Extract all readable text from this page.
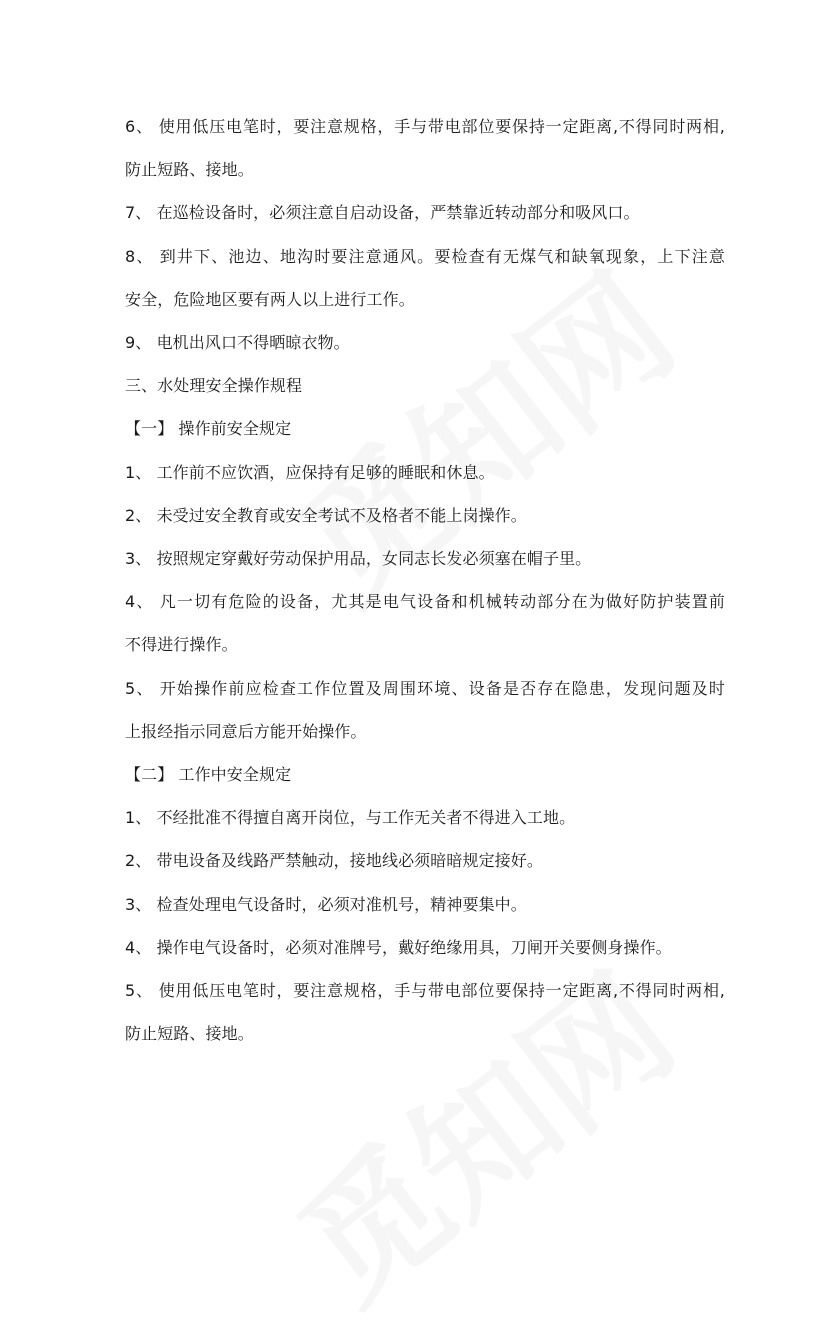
6、 使用低压电笔时，要注意规格，手与带电部位要保持一定距离,不得同时两相,
防止短路、接地。
7、 在巡检设备时，必须注意自启动设备，严禁靠近转动部分和吸风口。
8、 到井下、池边、地沟时要注意通风。要检查有无煤气和缺氧现象，上下注意
安全，危险地区要有两人以上进行工作。
9、 电机出风口不得晒晾衣物。
三、水处理安全操作规程
【一】 操作前安全规定
1、 工作前不应饮酒，应保持有足够的睡眠和休息。
2、 未受过安全教育或安全考试不及格者不能上岗操作。
3、 按照规定穿戴好劳动保护用品，女同志长发必须塞在帽子里。
4、 凡一切有危险的设备，尤其是电气设备和机械转动部分在为做好防护装置前
不得进行操作。
5、 开始操作前应检查工作位置及周围环境、设备是否存在隐患，发现问题及时
上报经指示同意后方能开始操作。
【二】 工作中安全规定
1、 不经批准不得擅自离开岗位，与工作无关者不得进入工地。
2、 带电设备及线路严禁触动，接地线必须暗暗规定接好。
3、 检查处理电气设备时，必须对准机号，精神要集中。
4、 操作电气设备时，必须对准牌号，戴好绝缘用具，刀闸开关要侧身操作。
5、 使用低压电笔时，要注意规格，手与带电部位要保持一定距离,不得同时两相,
防止短路、接地。
